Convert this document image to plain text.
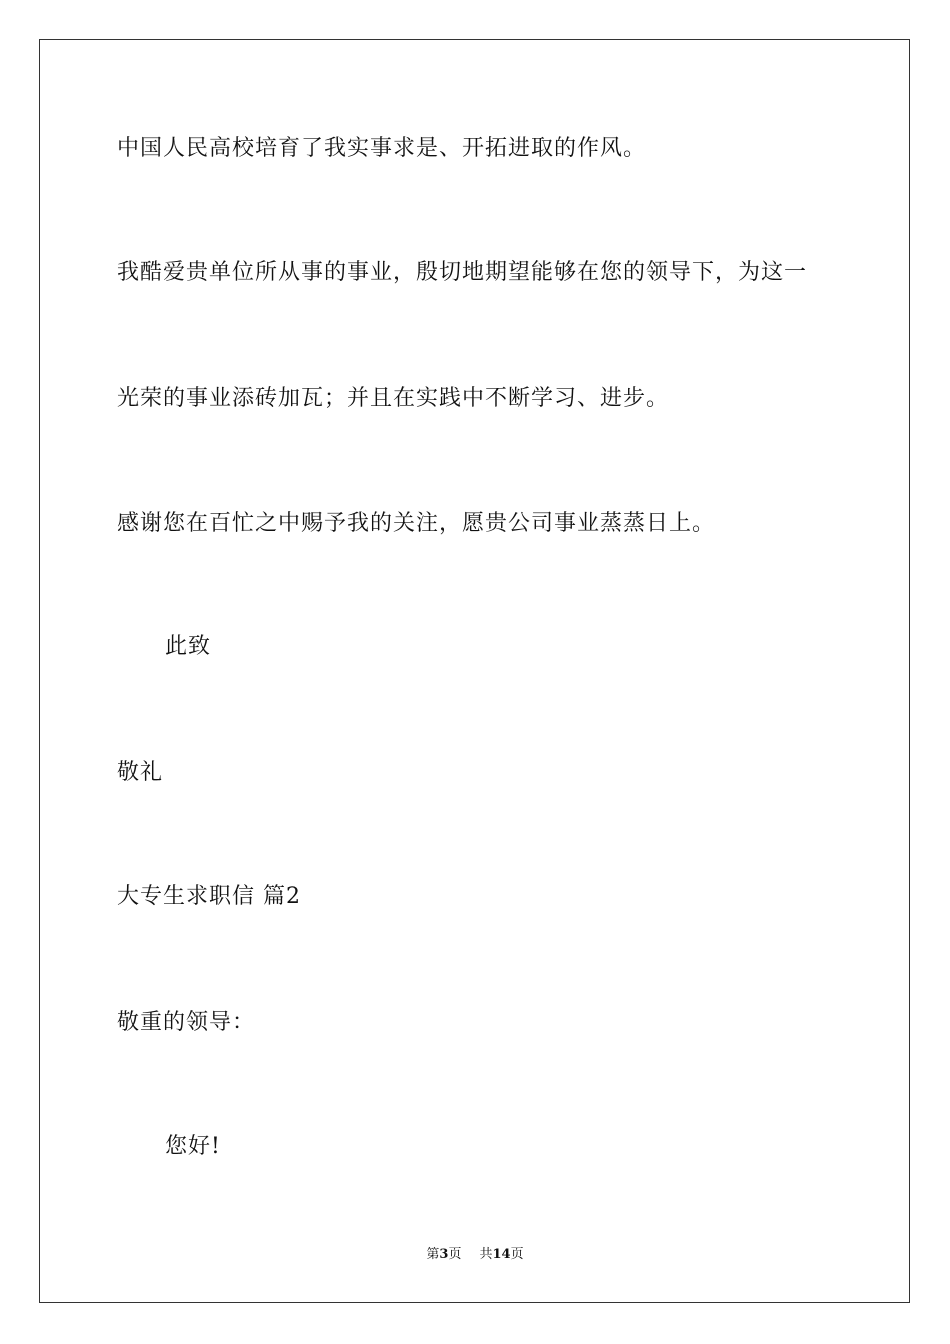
中国人民高校培育了我实事求是、开拓进取的作风。
我酷爱贵单位所从事的事业，殷切地期望能够在您的领导下，为这一
光荣的事业添砖加瓦；并且在实践中不断学习、进步。
感谢您在百忙之中赐予我的关注，愿贵公司事业蒸蒸日上。
此致
敬礼
大专生求职信 篇2
敬重的领导：
您好!
第3页 共14页
